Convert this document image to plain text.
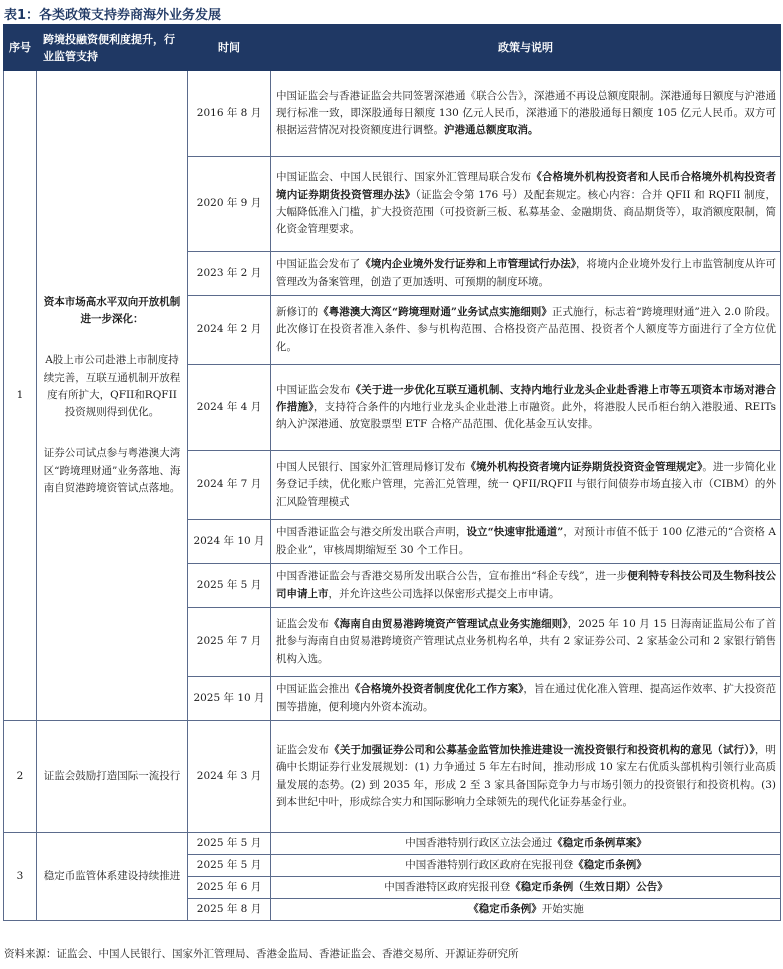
表1：各类政策支持券商海外业务发展
序号	跨境投融资便利度提升，行业监管支持	时间	政策与说明
1	资本市场高水平双向开放机制进一步深化：

A股上市公司赴港上市制度持续完善，互联互通机制开放程度有所扩大，QFII和RQFII投资规则得到优化。

证券公司试点参与粤港澳大湾区“跨境理财通”业务落地、海南自贸港跨境资管试点落地。	2016 年 8 月	中国证监会与香港证监会共同签署深港通《联合公告》，深港通不再设总额度限制。深港通每日额度与沪港通现行标准一致，即深股通每日额度 130 亿元人民币，深港通下的港股通每日额度 105 亿元人民币。双方可根据运营情况对投资额度进行调整。沪港通总额度取消。
		2020 年 9 月	中国证监会、中国人民银行、国家外汇管理局联合发布《合格境外机构投资者和人民币合格境外机构投资者境内证券期货投资管理办法》（证监会令第 176 号）及配套规定。核心内容：合并 QFII 和 RQFII 制度，大幅降低准入门槛，扩大投资范围（可投资新三板、私募基金、金融期货、商品期货等），取消额度限制，简化资金管理要求。
		2023 年 2 月	中国证监会发布了《境内企业境外发行证券和上市管理试行办法》，将境内企业境外发行上市监管制度从许可管理改为备案管理，创造了更加透明、可预期的制度环境。
		2024 年 2 月	新修订的《粤港澳大湾区“跨境理财通”业务试点实施细则》正式施行，标志着“跨境理财通”进入 2.0 阶段。此次修订在投资者准入条件、参与机构范围、合格投资产品范围、投资者个人额度等方面进行了全方位优化。
		2024 年 4 月	中国证监会发布《关于进一步优化互联互通机制、支持内地行业龙头企业赴香港上市等五项资本市场对港合作措施》，支持符合条件的内地行业龙头企业赴港上市融资。此外，将港股人民币柜台纳入港股通、REITs 纳入沪深港通、放宽股票型 ETF 合格产品范围、优化基金互认安排。
		2024 年 7 月	中国人民银行、国家外汇管理局修订发布《境外机构投资者境内证券期货投资资金管理规定》。进一步简化业务登记手续，优化账户管理，完善汇兑管理，统一 QFII/RQFII 与银行间债券市场直接入市（CIBM）的外汇风险管理模式
		2024 年 10 月	中国香港证监会与港交所发出联合声明，设立“快速审批通道”，对预计市值不低于 100 亿港元的“合资格 A 股企业”，审核周期缩短至 30 个工作日。
		2025 年 5 月	中国香港证监会与香港交易所发出联合公告，宣布推出“科企专线”，进一步便利特专科技公司及生物科技公司申请上市，并允许这些公司选择以保密形式提交上市申请。
		2025 年 7 月	证监会发布《海南自由贸易港跨境资产管理试点业务实施细则》，2025 年 10 月 15 日海南证监局公布了首批参与海南自由贸易港跨境资产管理试点业务机构名单，共有 2 家证券公司、2 家基金公司和 2 家银行销售机构入选。
		2025 年 10 月	中国证监会推出《合格境外投资者制度优化工作方案》，旨在通过优化准入管理、提高运作效率、扩大投资范围等措施，便利境内外资本流动。
2	证监会鼓励打造国际一流投行	2024 年 3 月	证监会发布《关于加强证券公司和公募基金监管加快推进建设一流投资银行和投资机构的意见（试行）》，明确中长期证券行业发展规划：(1) 力争通过 5 年左右时间，推动形成 10 家左右优质头部机构引领行业高质量发展的态势。(2) 到 2035 年，形成 2 至 3 家具备国际竞争力与市场引领力的投资银行和投资机构。(3) 到本世纪中叶，形成综合实力和国际影响力全球领先的现代化证券基金行业。
3	稳定币监管体系建设持续推进	2025 年 5 月	中国香港特别行政区立法会通过《稳定币条例草案》
		2025 年 5 月	中国香港特别行政区政府在宪报刊登《稳定币条例》
		2025 年 6 月	中国香港特区政府宪报刊登《稳定币条例（生效日期）公告》
		2025 年 8 月	《稳定币条例》开始实施
资料来源：证监会、中国人民银行、国家外汇管理局、香港金监局、香港证监会、香港交易所、开源证券研究所
